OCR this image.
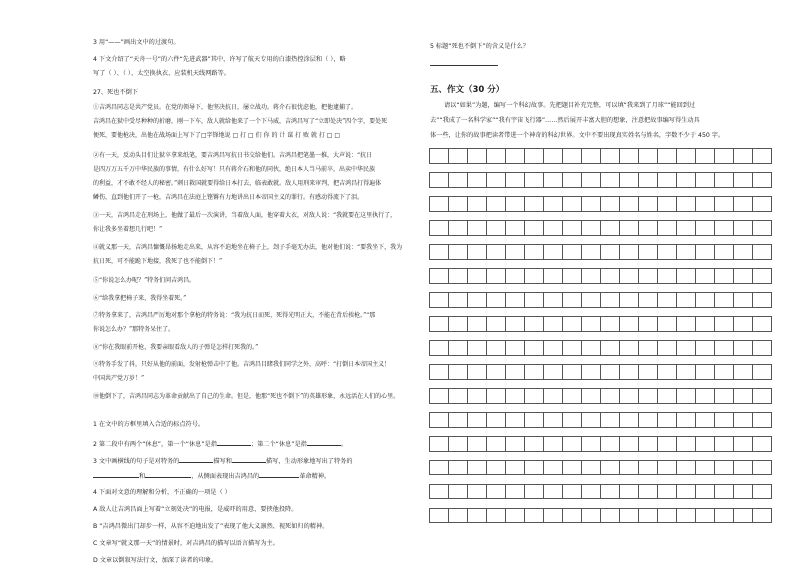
3 用“——”画出文中的过渡句。
4 下文介绍了“天舟一号”的六件“先进武器”其中，许写了航天专用的白漆热控涂层和（ ），略
写了（ ）、（ ）、太空换执衣、应装机天线网路等。
27、死也不倒下
①吉鸿昌同志是共产党员。在党的领导下，他坚决抗日，屡立战功。蒋介石很忧虑他，把他逮捕了。
吉鸿昌在狱中受尽种种的折磨，刚一下车，敌人就给他来了一个下马威，吉鸿昌写了“立即处决”四个字，要处死
便死，要他枪决，出他在战场面上写下了□字锋地说 □ 打 □ 们 你 的 计 谋 打 败 就 打 □ □
②有一天，反动头目们让狱卒拿来纸笔，要吉鸿昌写抗日书交给他们。吉鸿昌把笔墨一推，大声说：“抗日
是四万万五千万中华民族的事情，有什么好写！只有蒋介石和他的同伙，绝日本人当马前卒，出卖中华民族
的利益，才不敢不经人的秘密。”刺日救国就要得给日本打去，临表敢就。敌人用刑来审判，把吉鸿昌打得遍体
鳞伤，直到他们开了一枪，吉鸿昌在法庭上铿锵有力地讲出日本帝国主义的罪行。有感动得流下了泪。
③一天，吉鸿昌走在刑场上，他做了最后一次演讲，当着敌人面，他穿着大衣，对敌人说：“我就要在这里执行了，
你让我多坐着想几行吧！”
④就义那一天，吉鸿昌慷慨昂扬地走出来，从容不迫地坐在椅子上，刽子手毫无办法，他对他们说：“要我坐下，我为
抗日死，可不能跪下地接，我死了也不能倒下！”
⑤“你说怎么办呢？”特务们问吉鸿昌。
⑥“给我拿把椅子来，我得坐着死。”
⑦特务拿来了，吉鸿昌严厉地对那个拿枪的特务说：“我为抗日而死，死得光明正大，不能在背后挨枪。”“那
你说怎么办？”那特务呆住了。
⑧“你在我眼前开枪，我要亲眼看敌人的子弹是怎样打死我的。”
⑨特务手发了抖，只好从他的前面，发射枪弹击中了他。吉鸿昌目睹我们同学之外，高呼：“打倒日本帝国主义！
中国共产党万岁！”
⑩他倒下了，吉鸿昌同志为革命贡献出了自己的生命。但是，他那“死也不倒下”的英雄形象，永远活在人们的心里。
1 在文中的方框里填入合适的标点符号。
2 第二段中有两个“休息”，第一个“休息”是指	；第二个“休息”是指	。
3 文中画横线的句子是对特务的	描写和	描写，生动形象地写出了特务的
和	，从侧面表现出吉鸿昌的	革命精神。
4 下面对文意的理解和分析，不正确的一项是（ ）
A 敌人让吉鸿昌面上写着“立刻处决”的电报，是威吓的用意，要挟他投降。
B “吉鸿昌微出门却步一样，从容不迫地出发了”表现了他大义凛然、视死如归的精神。
C 文章写“就义那一天”的情景时，对吉鸿昌的描写以语言描写为主。
D 文章以倒叙写法行文，加深了读者的印象。
5 标题“死也不倒下”的含义是什么？
五、作文（30 分）
请以“如果”为题，编写一个科幻故事。先把题目补充完整，可以填“我来到了月球”“能回到过
去”“我成了一名科学家”“我有宇宙飞行器”……然后展开丰富大胆的想象，注意把故事编写得生动具
体一些，让你的故事把读者带进一个神奇的科幻世界。文中不要出现真实姓名与姓名，字数不少于 450 字。
